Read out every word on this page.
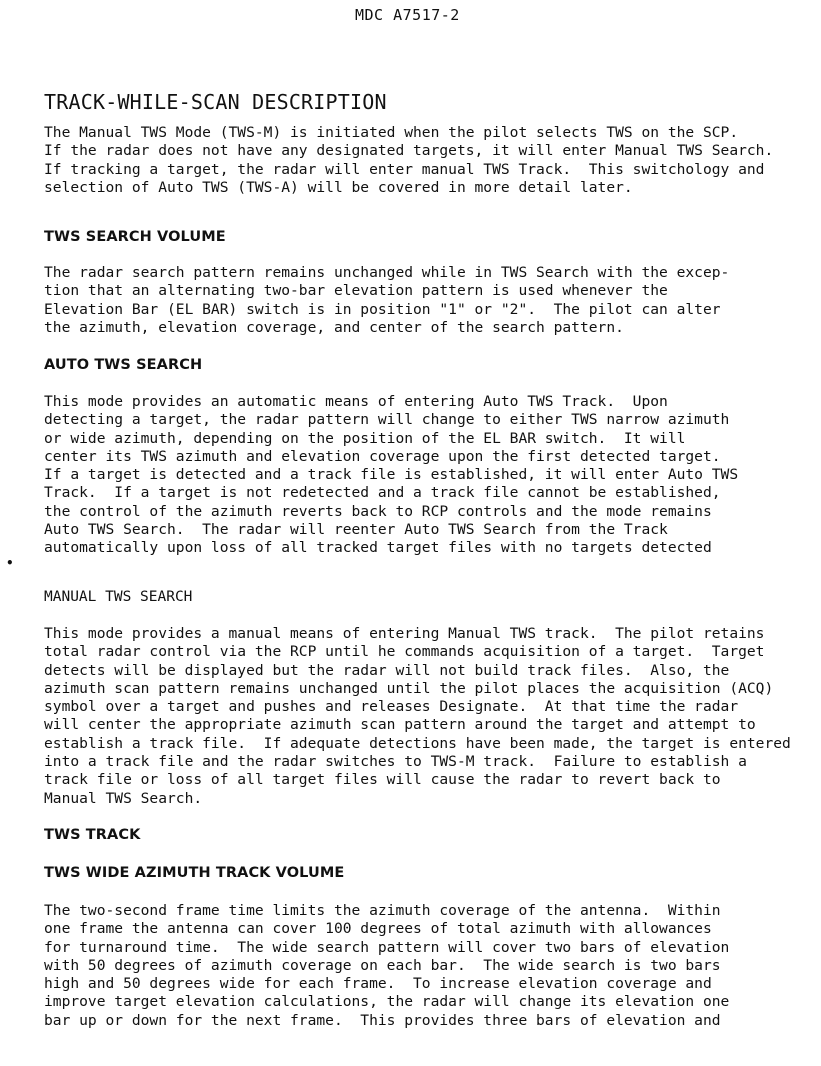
MDC A7517-2
TRACK-WHILE-SCAN DESCRIPTION
The Manual TWS Mode (TWS-M) is initiated when the pilot selects TWS on the SCP.
If the radar does not have any designated targets, it will enter Manual TWS Search.
If tracking a target, the radar will enter manual TWS Track.  This switchology and
selection of Auto TWS (TWS-A) will be covered in more detail later.
TWS SEARCH VOLUME
The radar search pattern remains unchanged while in TWS Search with the excep-
tion that an alternating two-bar elevation pattern is used whenever the
Elevation Bar (EL BAR) switch is in position "1" or "2".  The pilot can alter
the azimuth, elevation coverage, and center of the search pattern.
AUTO TWS SEARCH
This mode provides an automatic means of entering Auto TWS Track.  Upon
detecting a target, the radar pattern will change to either TWS narrow azimuth
or wide azimuth, depending on the position of the EL BAR switch.  It will
center its TWS azimuth and elevation coverage upon the first detected target.
If a target is detected and a track file is established, it will enter Auto TWS
Track.  If a target is not redetected and a track file cannot be established,
the control of the azimuth reverts back to RCP controls and the mode remains
Auto TWS Search.  The radar will reenter Auto TWS Search from the Track
automatically upon loss of all tracked target files with no targets detected
•
MANUAL TWS SEARCH
This mode provides a manual means of entering Manual TWS track.  The pilot retains
total radar control via the RCP until he commands acquisition of a target.  Target
detects will be displayed but the radar will not build track files.  Also, the
azimuth scan pattern remains unchanged until the pilot places the acquisition (ACQ)
symbol over a target and pushes and releases Designate.  At that time the radar
will center the appropriate azimuth scan pattern around the target and attempt to
establish a track file.  If adequate detections have been made, the target is entered
into a track file and the radar switches to TWS-M track.  Failure to establish a
track file or loss of all target files will cause the radar to revert back to
Manual TWS Search.
TWS TRACK
TWS WIDE AZIMUTH TRACK VOLUME
The two-second frame time limits the azimuth coverage of the antenna.  Within
one frame the antenna can cover 100 degrees of total azimuth with allowances
for turnaround time.  The wide search pattern will cover two bars of elevation
with 50 degrees of azimuth coverage on each bar.  The wide search is two bars
high and 50 degrees wide for each frame.  To increase elevation coverage and
improve target elevation calculations, the radar will change its elevation one
bar up or down for the next frame.  This provides three bars of elevation and
